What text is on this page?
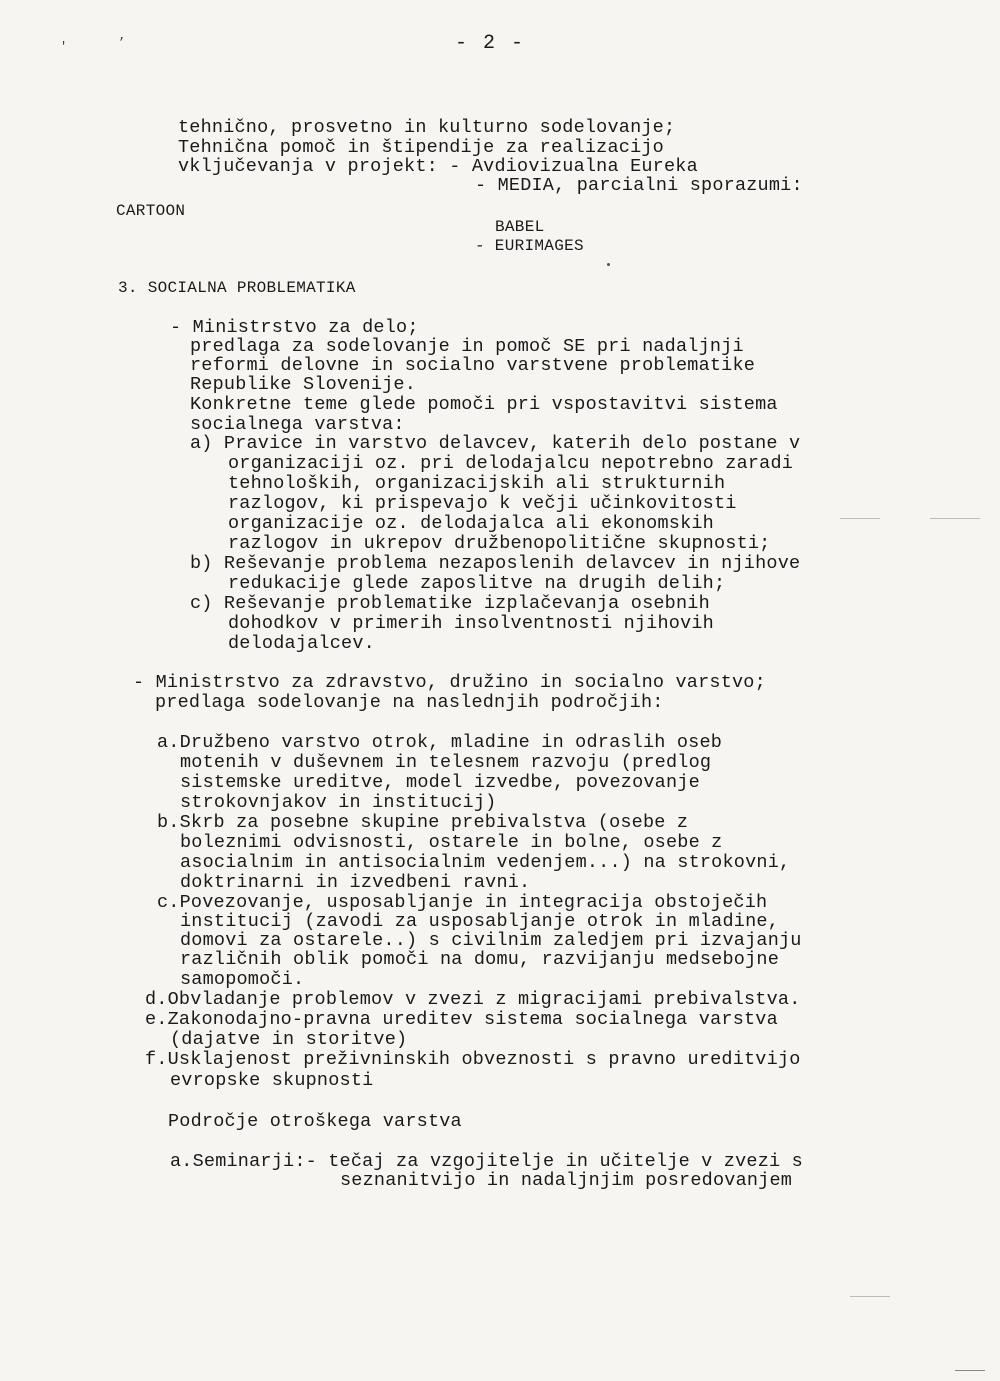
'	’	- 2 -
tehnično, prosvetno in kulturno sodelovanje;
Tehnična pomoč in štipendije za realizacijo
vključevanja v projekt: - Avdiovizualna Eureka
- MEDIA, parcialni sporazumi:
CARTOON
BABEL
- EURIMAGES
3. SOCIALNA PROBLEMATIKA
- Ministrstvo za delo;
predlaga za sodelovanje in pomoč SE pri nadaljnji
reformi delovne in socialno varstvene problematike
Republike Slovenije.
Konkretne teme glede pomoči pri vspostavitvi sistema
socialnega varstva:
a) Pravice in varstvo delavcev, katerih delo postane v
organizaciji oz. pri delodajalcu nepotrebno zaradi
tehnoloških, organizacijskih ali strukturnih
razlogov, ki prispevajo k večji učinkovitosti
organizacije oz. delodajalca ali ekonomskih
razlogov in ukrepov družbenopolitične skupnosti;
b) Reševanje problema nezaposlenih delavcev in njihove
redukacije glede zaposlitve na drugih delih;
c) Reševanje problematike izplačevanja osebnih
dohodkov v primerih insolventnosti njihovih
delodajalcev.
- Ministrstvo za zdravstvo, družino in socialno varstvo;
predlaga sodelovanje na naslednjih področjih:
a.Družbeno varstvo otrok, mladine in odraslih oseb
motenih v duševnem in telesnem razvoju (predlog
sistemske ureditve, model izvedbe, povezovanje
strokovnjakov in institucij)
b.Skrb za posebne skupine prebivalstva (osebe z
boleznimi odvisnosti, ostarele in bolne, osebe z
asocialnim in antisocialnim vedenjem...) na strokovni,
doktrinarni in izvedbeni ravni.
c.Povezovanje, usposabljanje in integracija obstoječih
institucij (zavodi za usposabljanje otrok in mladine,
domovi za ostarele..) s civilnim zaledjem pri izvajanju
različnih oblik pomoči na domu, razvijanju medsebojne
samopomoči.
d.Obvladanje problemov v zvezi z migracijami prebivalstva.
e.Zakonodajno-pravna ureditev sistema socialnega varstva
(dajatve in storitve)
f.Usklajenost preživninskih obveznosti s pravno ureditvijo
evropske skupnosti
Področje otroškega varstva
a.Seminarji:- tečaj za vzgojitelje in učitelje v zvezi s
seznanitvijo in nadaljnjim posredovanjem
